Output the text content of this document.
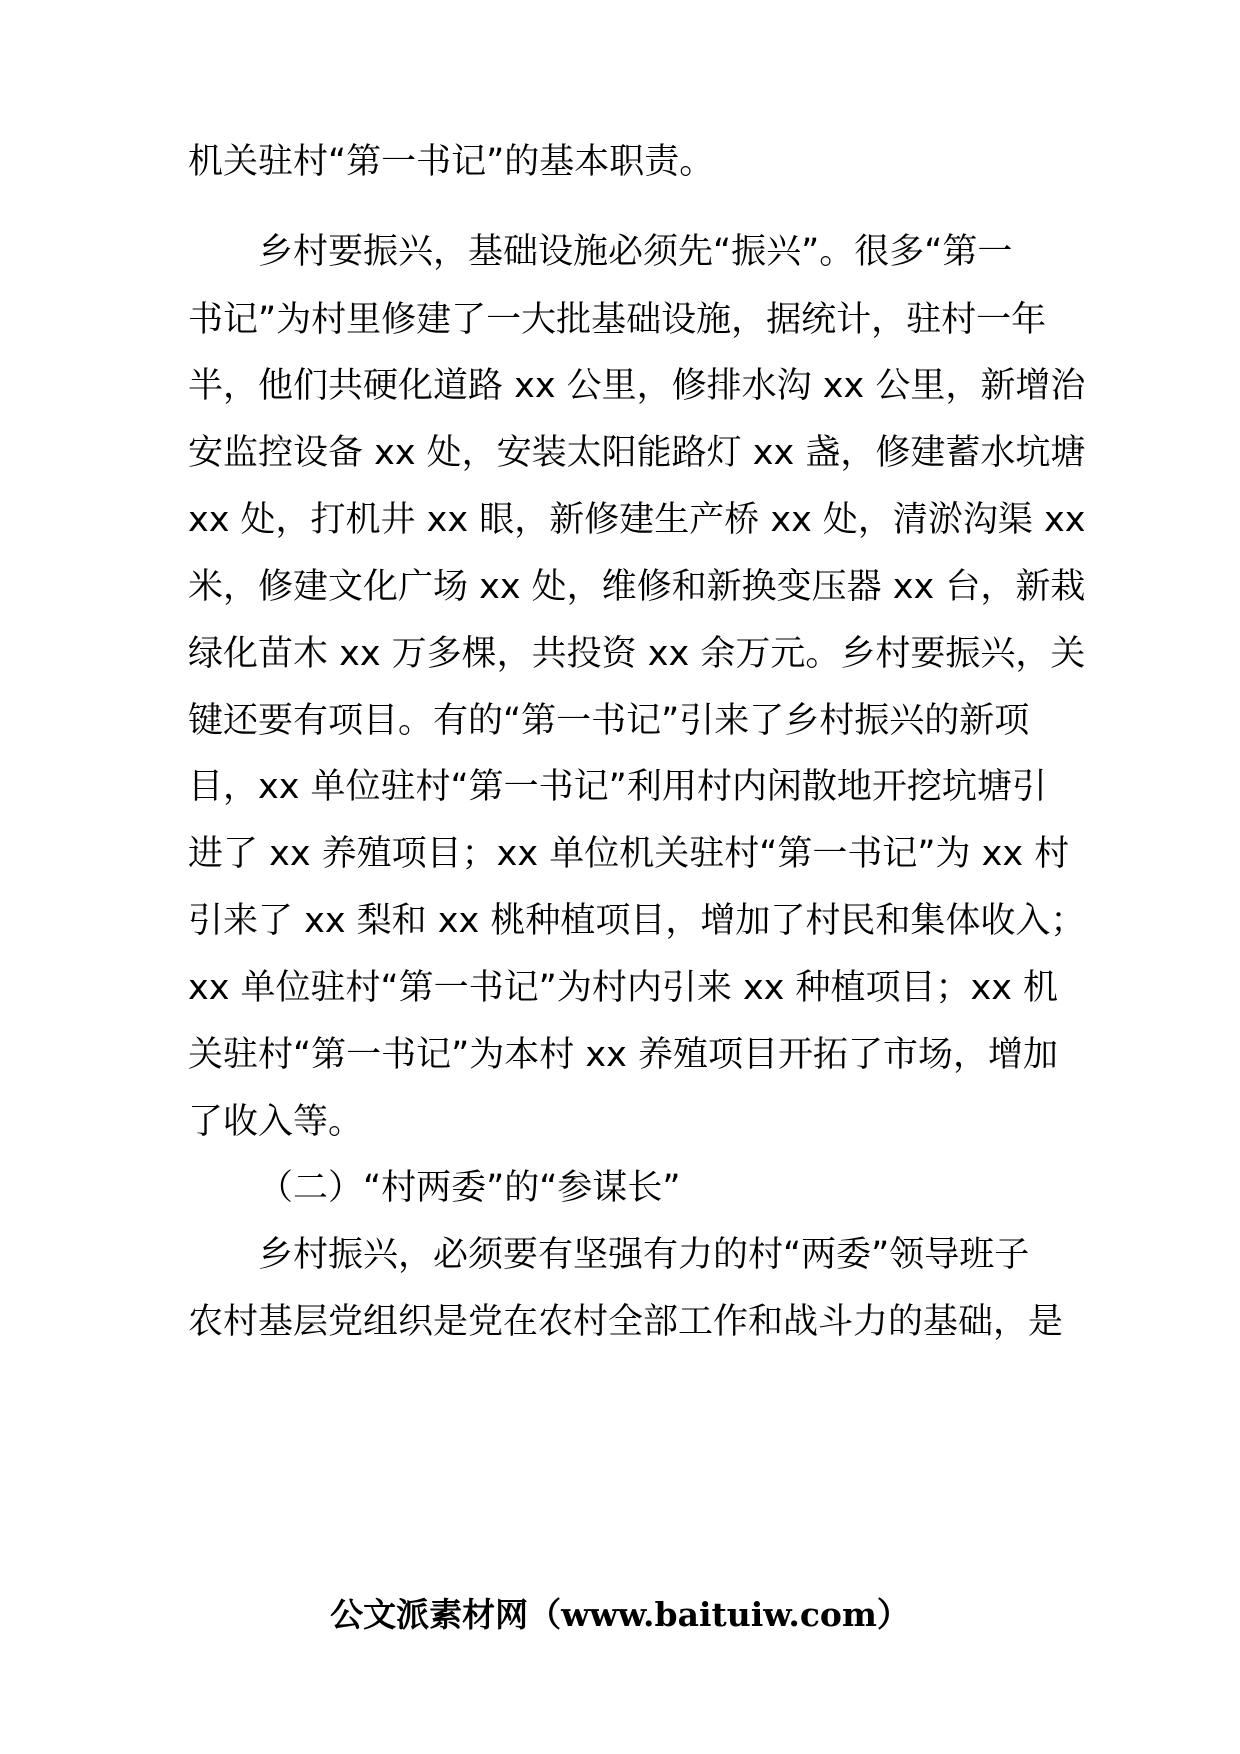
机关驻村“第一书记”的基本职责。
乡村要振兴，基础设施必须先“振兴”。很多“第一
书记”为村里修建了一大批基础设施，据统计，驻村一年
半，他们共硬化道路 xx 公里，修排水沟 xx 公里，新增治
安监控设备 xx 处，安装太阳能路灯 xx 盏，修建蓄水坑塘
xx 处，打机井 xx 眼，新修建生产桥 xx 处，清淤沟渠 xx
米，修建文化广场 xx 处，维修和新换变压器 xx 台，新栽
绿化苗木 xx 万多棵，共投资 xx 余万元。乡村要振兴，关
键还要有项目。有的“第一书记”引来了乡村振兴的新项
目，xx 单位驻村“第一书记”利用村内闲散地开挖坑塘引
进了 xx 养殖项目；xx 单位机关驻村“第一书记”为 xx 村
引来了 xx 梨和 xx 桃种植项目，增加了村民和集体收入；
xx 单位驻村“第一书记”为村内引来 xx 种植项目；xx 机
关驻村“第一书记”为本村 xx 养殖项目开拓了市场，增加
了收入等。
（二）“村两委”的“参谋长”
乡村振兴，必须要有坚强有力的村“两委”领导班子
农村基层党组织是党在农村全部工作和战斗力的基础，是
公文派素材网（www.baituiw.com）
